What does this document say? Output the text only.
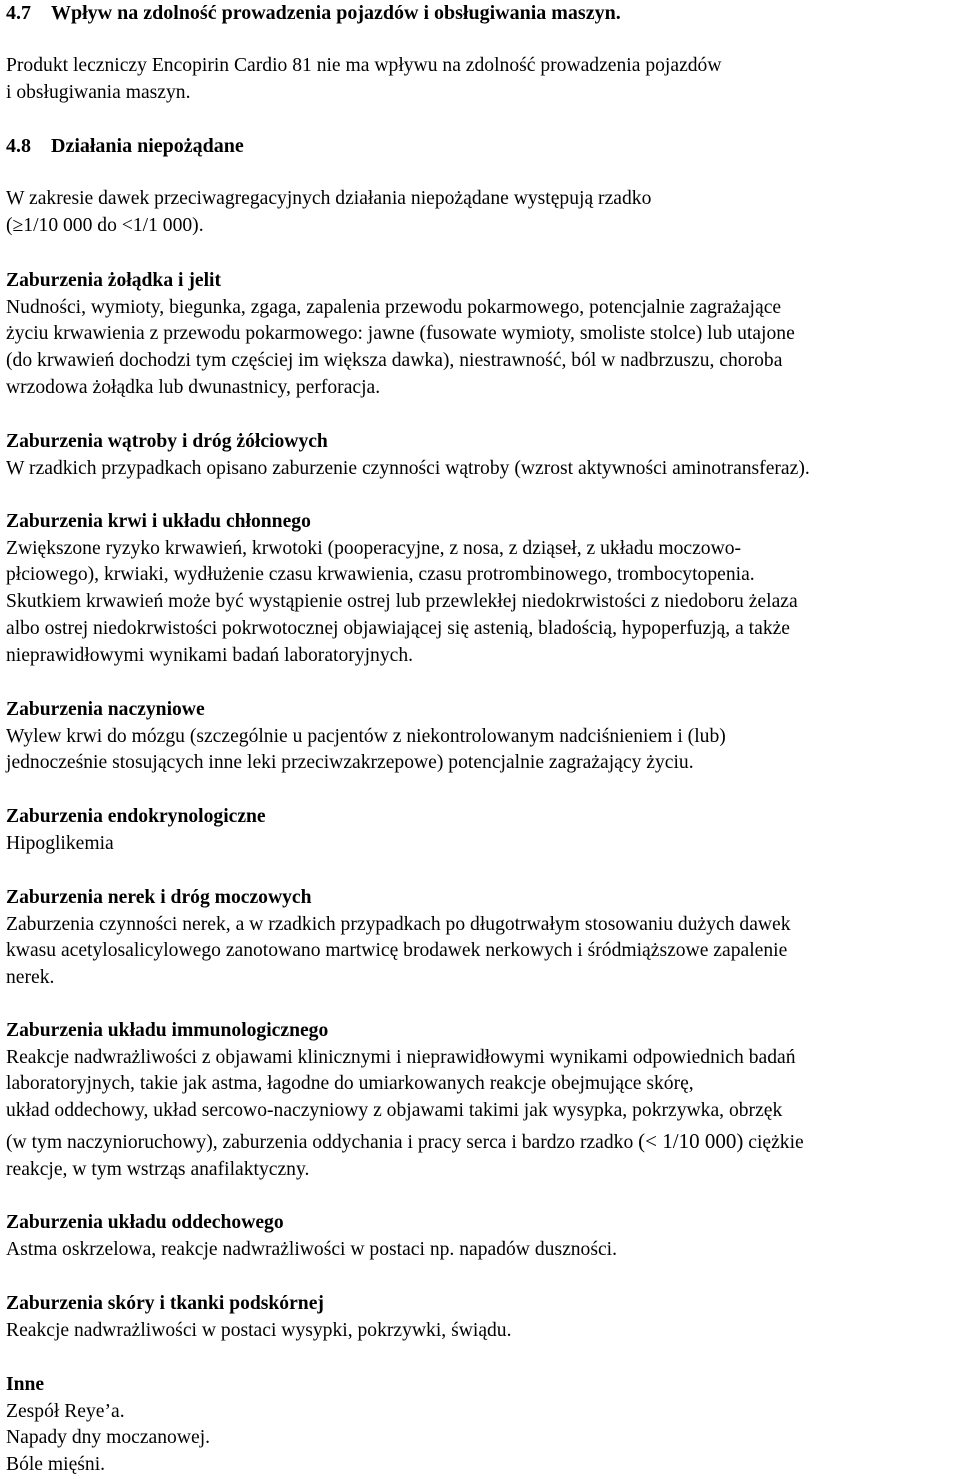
4.7    Wpływ na zdolność prowadzenia pojazdów i obsługiwania maszyn.
Produkt leczniczy Encopirin Cardio 81 nie ma wpływu na zdolność prowadzenia pojazdów
i obsługiwania maszyn.
4.8    Działania niepożądane
W zakresie dawek przeciwagregacyjnych działania niepożądane występują rzadko
(≥1/10 000 do <1/1 000).
Zaburzenia żołądka i jelit
Nudności, wymioty, biegunka, zgaga, zapalenia przewodu pokarmowego, potencjalnie zagrażające
życiu krwawienia z przewodu pokarmowego: jawne (fusowate wymioty, smoliste stolce) lub utajone
(do krwawień dochodzi tym częściej im większa dawka), niestrawność, ból w nadbrzuszu, choroba
wrzodowa żołądka lub dwunastnicy, perforacja.
Zaburzenia wątroby i dróg żółciowych
W rzadkich przypadkach opisano zaburzenie czynności wątroby (wzrost aktywności aminotransferaz).
Zaburzenia krwi i układu chłonnego
Zwiększone ryzyko krwawień, krwotoki (pooperacyjne, z nosa, z dziąseł, z układu moczowo-
płciowego), krwiaki, wydłużenie czasu krwawienia, czasu protrombinowego, trombocytopenia.
Skutkiem krwawień może być wystąpienie ostrej lub przewlekłej niedokrwistości z niedoboru żelaza
albo ostrej niedokrwistości pokrwotocznej objawiającej się astenią, bladością, hypoperfuzją, a także
nieprawidłowymi wynikami badań laboratoryjnych.
Zaburzenia naczyniowe
Wylew krwi do mózgu (szczególnie u pacjentów z niekontrolowanym nadciśnieniem i (lub)
jednocześnie stosujących inne leki przeciwzakrzepowe) potencjalnie zagrażający życiu.
Zaburzenia endokrynologiczne
Hipoglikemia
Zaburzenia nerek i dróg moczowych
Zaburzenia czynności nerek, a w rzadkich przypadkach po długotrwałym stosowaniu dużych dawek
kwasu acetylosalicylowego zanotowano martwicę brodawek nerkowych i śródmiąższowe zapalenie
nerek.
Zaburzenia układu immunologicznego
Reakcje nadwrażliwości z objawami klinicznymi i nieprawidłowymi wynikami odpowiednich badań
laboratoryjnych, takie jak astma, łagodne do umiarkowanych reakcje obejmujące skórę,
układ oddechowy, układ sercowo-naczyniowy z objawami takimi jak wysypka, pokrzywka, obrzęk
(w tym naczynioruchowy), zaburzenia oddychania i pracy serca i bardzo rzadko (< 1/10 000) ciężkie
reakcje, w tym wstrząs anafilaktyczny.
Zaburzenia układu oddechowego
Astma oskrzelowa, reakcje nadwrażliwości w postaci np. napadów duszności.
Zaburzenia skóry i tkanki podskórnej
Reakcje nadwrażliwości w postaci wysypki, pokrzywki, świądu.
Inne
Zespół Reye’a.
Napady dny moczanowej.
Bóle mięśni.
